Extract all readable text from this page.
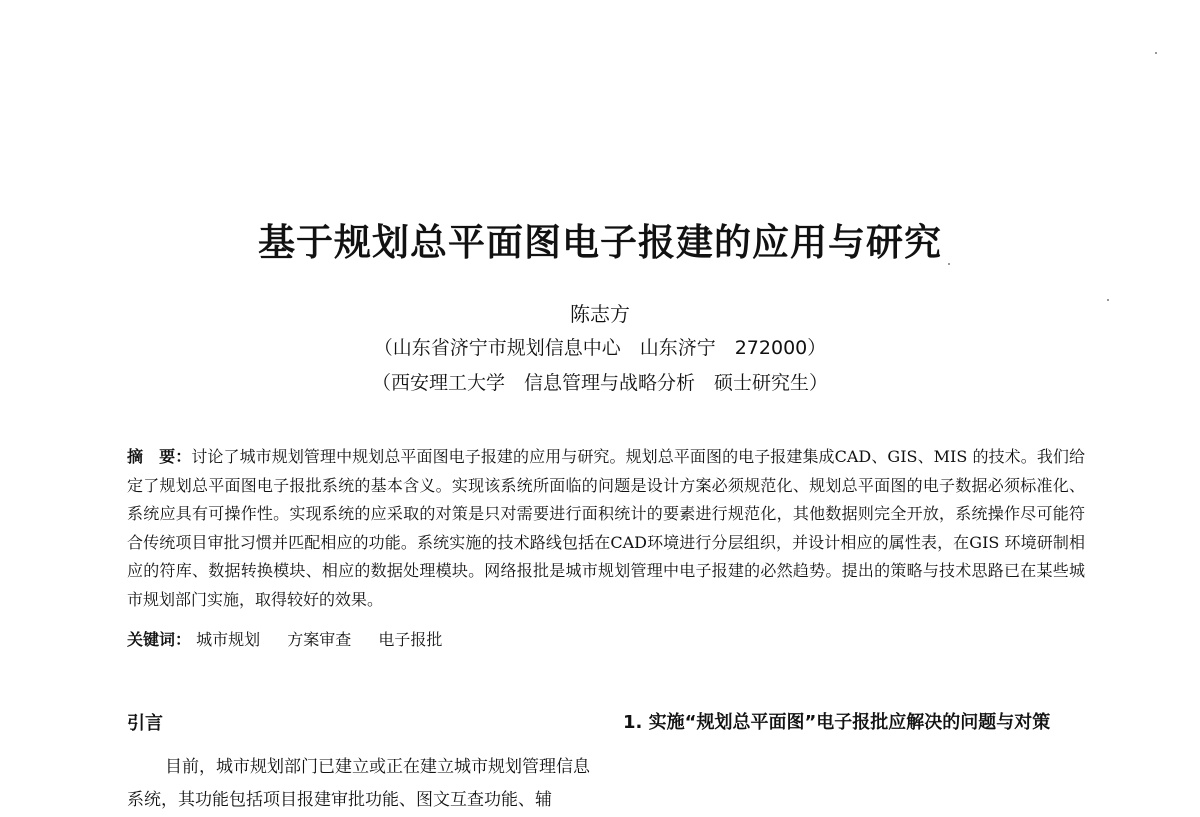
基于规划总平面图电子报建的应用与研究
陈志方
（山东省济宁市规划信息中心　山东济宁　272000）
（西安理工大学　信息管理与战略分析　硕士研究生）
摘　要：讨论了城市规划管理中规划总平面图电子报建的应用与研究。规划总平面图的电子报建集成CAD、GIS、MIS 的技术。我们给定了规划总平面图电子报批系统的基本含义。实现该系统所面临的问题是设计方案必须规范化、规划总平面图的电子数据必须标准化、系统应具有可操作性。实现系统的应采取的对策是只对需要进行面积统计的要素进行规范化，其他数据则完全开放，系统操作尽可能符合传统项目审批习惯并匹配相应的功能。系统实施的技术路线包括在CAD环境进行分层组织，并设计相应的属性表，在GIS 环境研制相应的符库、数据转换模块、相应的数据处理模块。网络报批是城市规划管理中电子报建的必然趋势。提出的策略与技术思路已在某些城市规划部门实施，取得较好的效果。
关键词： 城市规划 方案审查 电子报批
引言
目前，城市规划部门已建立或正在建立城市规划管理信息系统，其功能包括项目报建审批功能、图文互查功能、辅
1. 实施“规划总平面图”电子报批应解决的问题与对策
